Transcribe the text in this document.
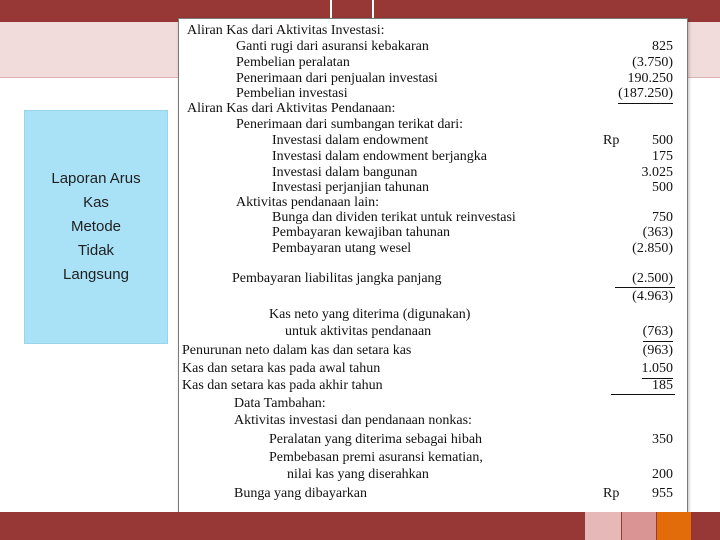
Laporan Arus
Kas
Metode
Tidak
Langsung
Aliran Kas dari Aktivitas Investasi:
Ganti rugi dari asuransi kebakaran	825
Pembelian peralatan	(3.750)
Penerimaan dari penjualan investasi	190.250
Pembelian investasi	(187.250)
Aliran Kas dari Aktivitas Pendanaan:
Penerimaan dari sumbangan terikat dari:
Investasi dalam endowment	Rp 500
Investasi dalam endowment berjangka	175
Investasi dalam bangunan	3.025
Investasi perjanjian tahunan	500
Aktivitas pendanaan lain:
Bunga dan dividen terikat untuk reinvestasi	750
Pembayaran kewajiban tahunan	(363)
Pembayaran utang wesel	(2.850)
Pembayaran liabilitas jangka panjang	(2.500)
(4.963)
Kas neto yang diterima (digunakan)
untuk aktivitas pendanaan	(763)
Penurunan neto dalam kas dan setara kas	(963)
Kas dan setara kas pada awal tahun	1.050
Kas dan setara kas pada akhir tahun	185
Data Tambahan:
Aktivitas investasi dan pendanaan nonkas:
Peralatan yang diterima sebagai hibah	350
Pembebasan premi asuransi kematian,
nilai kas yang diserahkan	200
Bunga yang dibayarkan	Rp 955
